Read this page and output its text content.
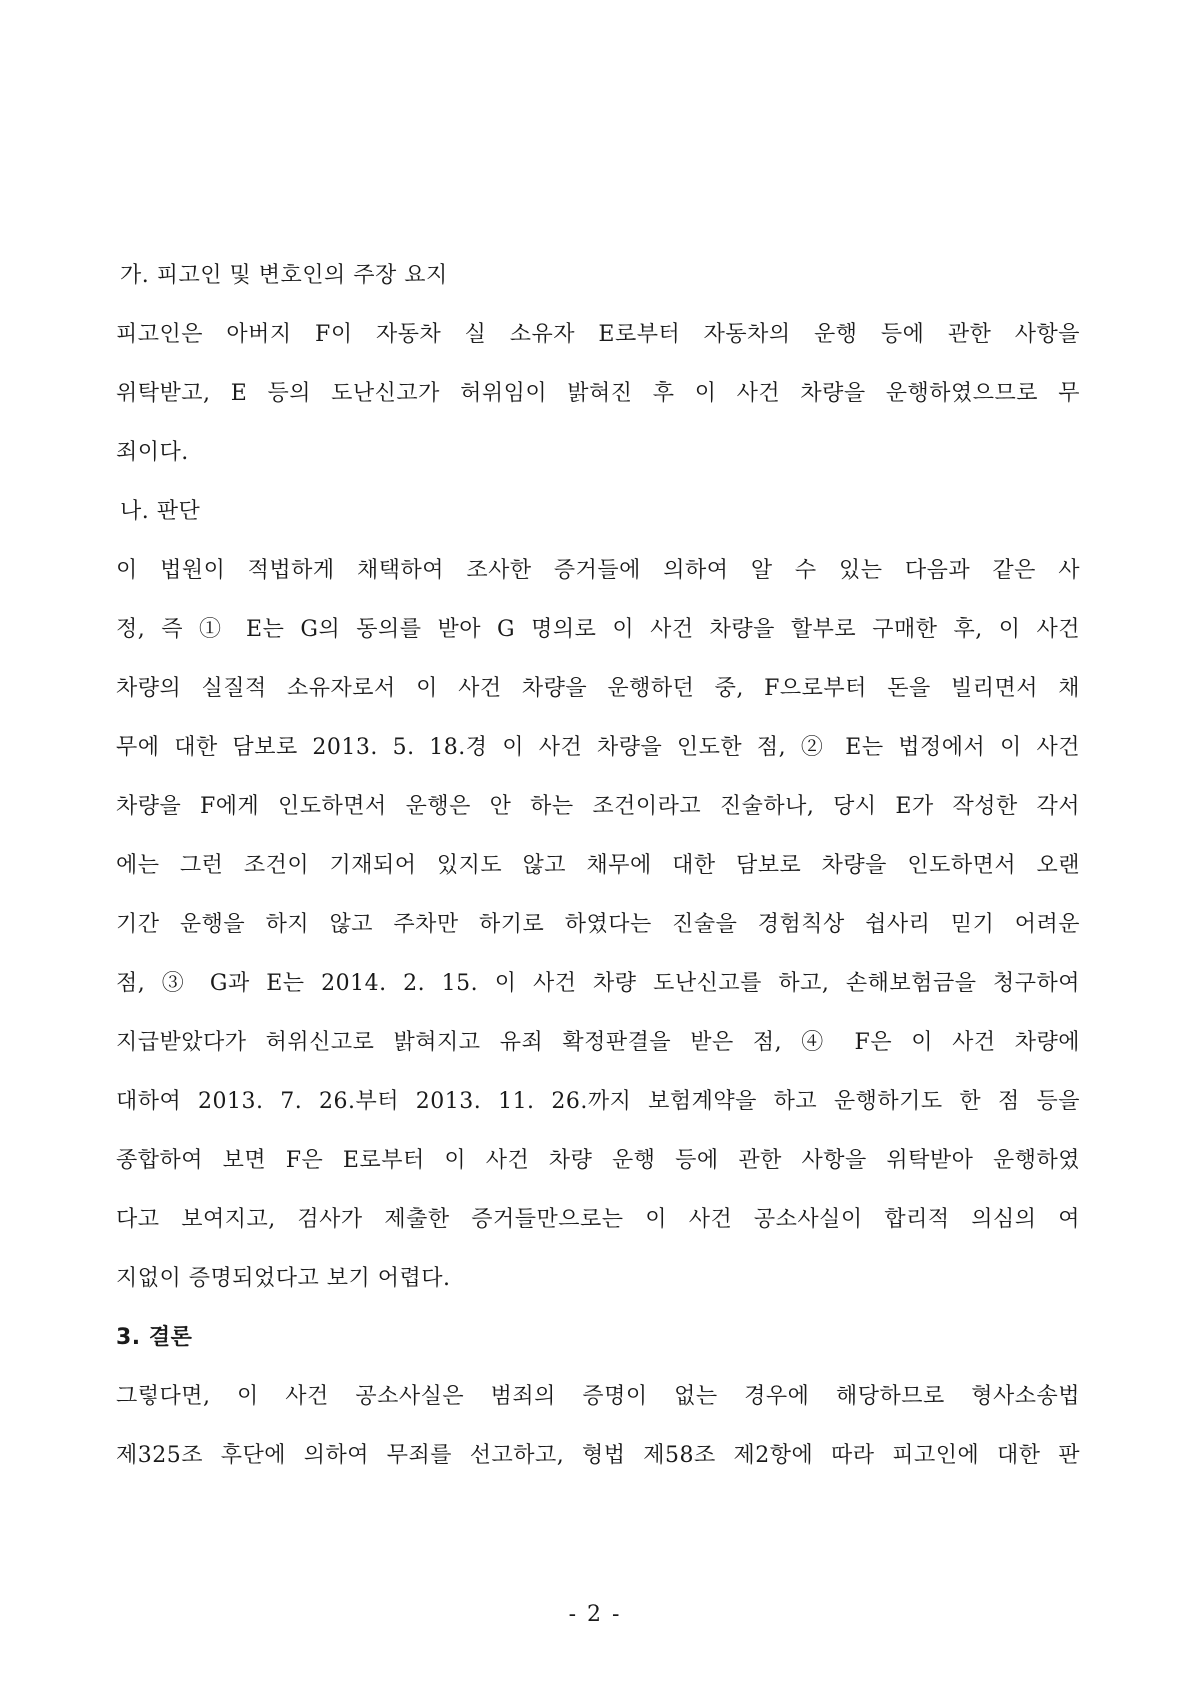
가. 피고인 및 변호인의 주장 요지
피고인은 아버지 F이 자동차 실 소유자 E로부터 자동차의 운행 등에 관한 사항을
위탁받고, E 등의 도난신고가 허위임이 밝혀진 후 이 사건 차량을 운행하였으므로 무
죄이다.
나. 판단
이 법원이 적법하게 채택하여 조사한 증거들에 의하여 알 수 있는 다음과 같은 사
정, 즉 ① E는 G의 동의를 받아 G 명의로 이 사건 차량을 할부로 구매한 후, 이 사건
차량의 실질적 소유자로서 이 사건 차량을 운행하던 중, F으로부터 돈을 빌리면서 채
무에 대한 담보로 2013. 5. 18.경 이 사건 차량을 인도한 점, ② E는 법정에서 이 사건
차량을 F에게 인도하면서 운행은 안 하는 조건이라고 진술하나, 당시 E가 작성한 각서
에는 그런 조건이 기재되어 있지도 않고 채무에 대한 담보로 차량을 인도하면서 오랜
기간 운행을 하지 않고 주차만 하기로 하였다는 진술을 경험칙상 쉽사리 믿기 어려운
점, ③ G과 E는 2014. 2. 15. 이 사건 차량 도난신고를 하고, 손해보험금을 청구하여
지급받았다가 허위신고로 밝혀지고 유죄 확정판결을 받은 점, ④ F은 이 사건 차량에
대하여 2013. 7. 26.부터 2013. 11. 26.까지 보험계약을 하고 운행하기도 한 점 등을
종합하여 보면 F은 E로부터 이 사건 차량 운행 등에 관한 사항을 위탁받아 운행하였
다고 보여지고, 검사가 제출한 증거들만으로는 이 사건 공소사실이 합리적 의심의 여
지없이 증명되었다고 보기 어렵다.
3. 결론
그렇다면, 이 사건 공소사실은 범죄의 증명이 없는 경우에 해당하므로 형사소송법
제325조 후단에 의하여 무죄를 선고하고, 형법 제58조 제2항에 따라 피고인에 대한 판
- 2 -
